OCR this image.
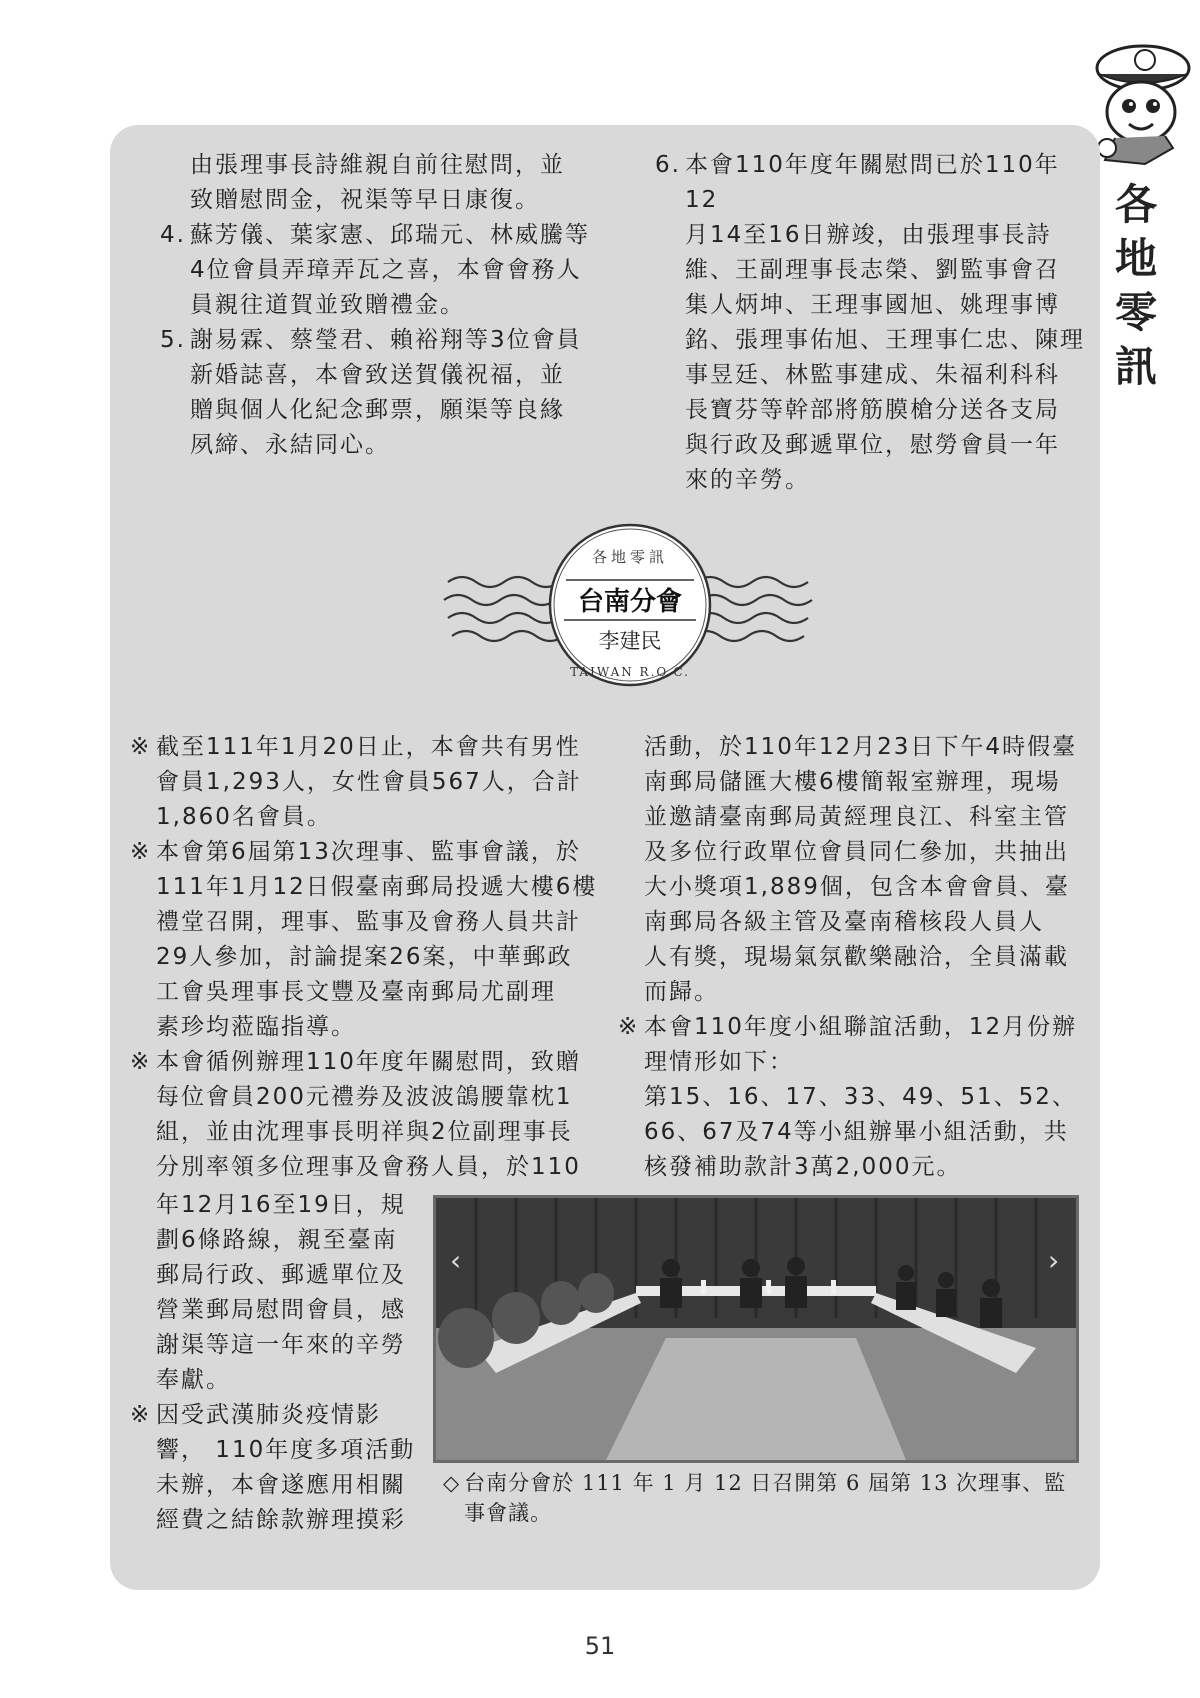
各
地
零
訊

由張理事長詩維親自前往慰問，並

致贈慰問金，祝渠等早日康復。

4. 蘇芳儀、葉家憲、邱瑞元、林威騰等

4位會員弄璋弄瓦之喜，本會會務人

員親往道賀並致贈禮金。

5. 謝易霖、蔡瑩君、賴裕翔等3位會員

新婚誌喜，本會致送賀儀祝福，並

贈與個人化紀念郵票，願渠等良緣

夙締、永結同心。

6. 本會110年度年關慰問已於110年12

月14至16日辦竣，由張理事長詩

維、王副理事長志榮、劉監事會召

集人炳坤、王理事國旭、姚理事博

銘、張理事佑旭、王理事仁忠、陳理

事昱廷、林監事建成、朱福利科科

長寶芬等幹部將筋膜槍分送各支局

與行政及郵遞單位，慰勞會員一年

來的辛勞。

各地零訊
台南分會
李建民
TAIWAN R.O.C.
※ 截至111年1月20日止，本會共有男性

會員1,293人，女性會員567人，合計

1,860名會員。

※ 本會第6屆第13次理事、監事會議，於

111年1月12日假臺南郵局投遞大樓6樓

禮堂召開，理事、監事及會務人員共計

29人參加，討論提案26案，中華郵政

工會吳理事長文豐及臺南郵局尤副理

素珍均蒞臨指導。

※ 本會循例辦理110年度年關慰問，致贈

每位會員200元禮券及波波鴿腰靠枕1

組，並由沈理事長明祥與2位副理事長

分別率領多位理事及會務人員，於110

年12月16至19日，規

劃6條路線，親至臺南

郵局行政、郵遞單位及

營業郵局慰問會員，感

謝渠等這一年來的辛勞

奉獻。

※ 因受武漢肺炎疫情影

響， 110年度多項活動

未辦，本會遂應用相關

經費之結餘款辦理摸彩

活動，於110年12月23日下午4時假臺

南郵局儲匯大樓6樓簡報室辦理，現場

並邀請臺南郵局黃經理良江、科室主管

及多位行政單位會員同仁參加，共抽出

大小獎項1,889個，包含本會會員、臺

南郵局各級主管及臺南稽核段人員人

人有獎，現場氣氛歡樂融洽，全員滿載

而歸。

※ 本會110年度小組聯誼活動，12月份辦

理情形如下：

第15、16、17、33、49、51、52、

66、67及74等小組辦畢小組活動，共

核發補助款計3萬2,000元。

‹	›
◇ 台南分會於 111 年 1 月 12 日召開第 6 屆第 13 次理事、監
事會議。
51
